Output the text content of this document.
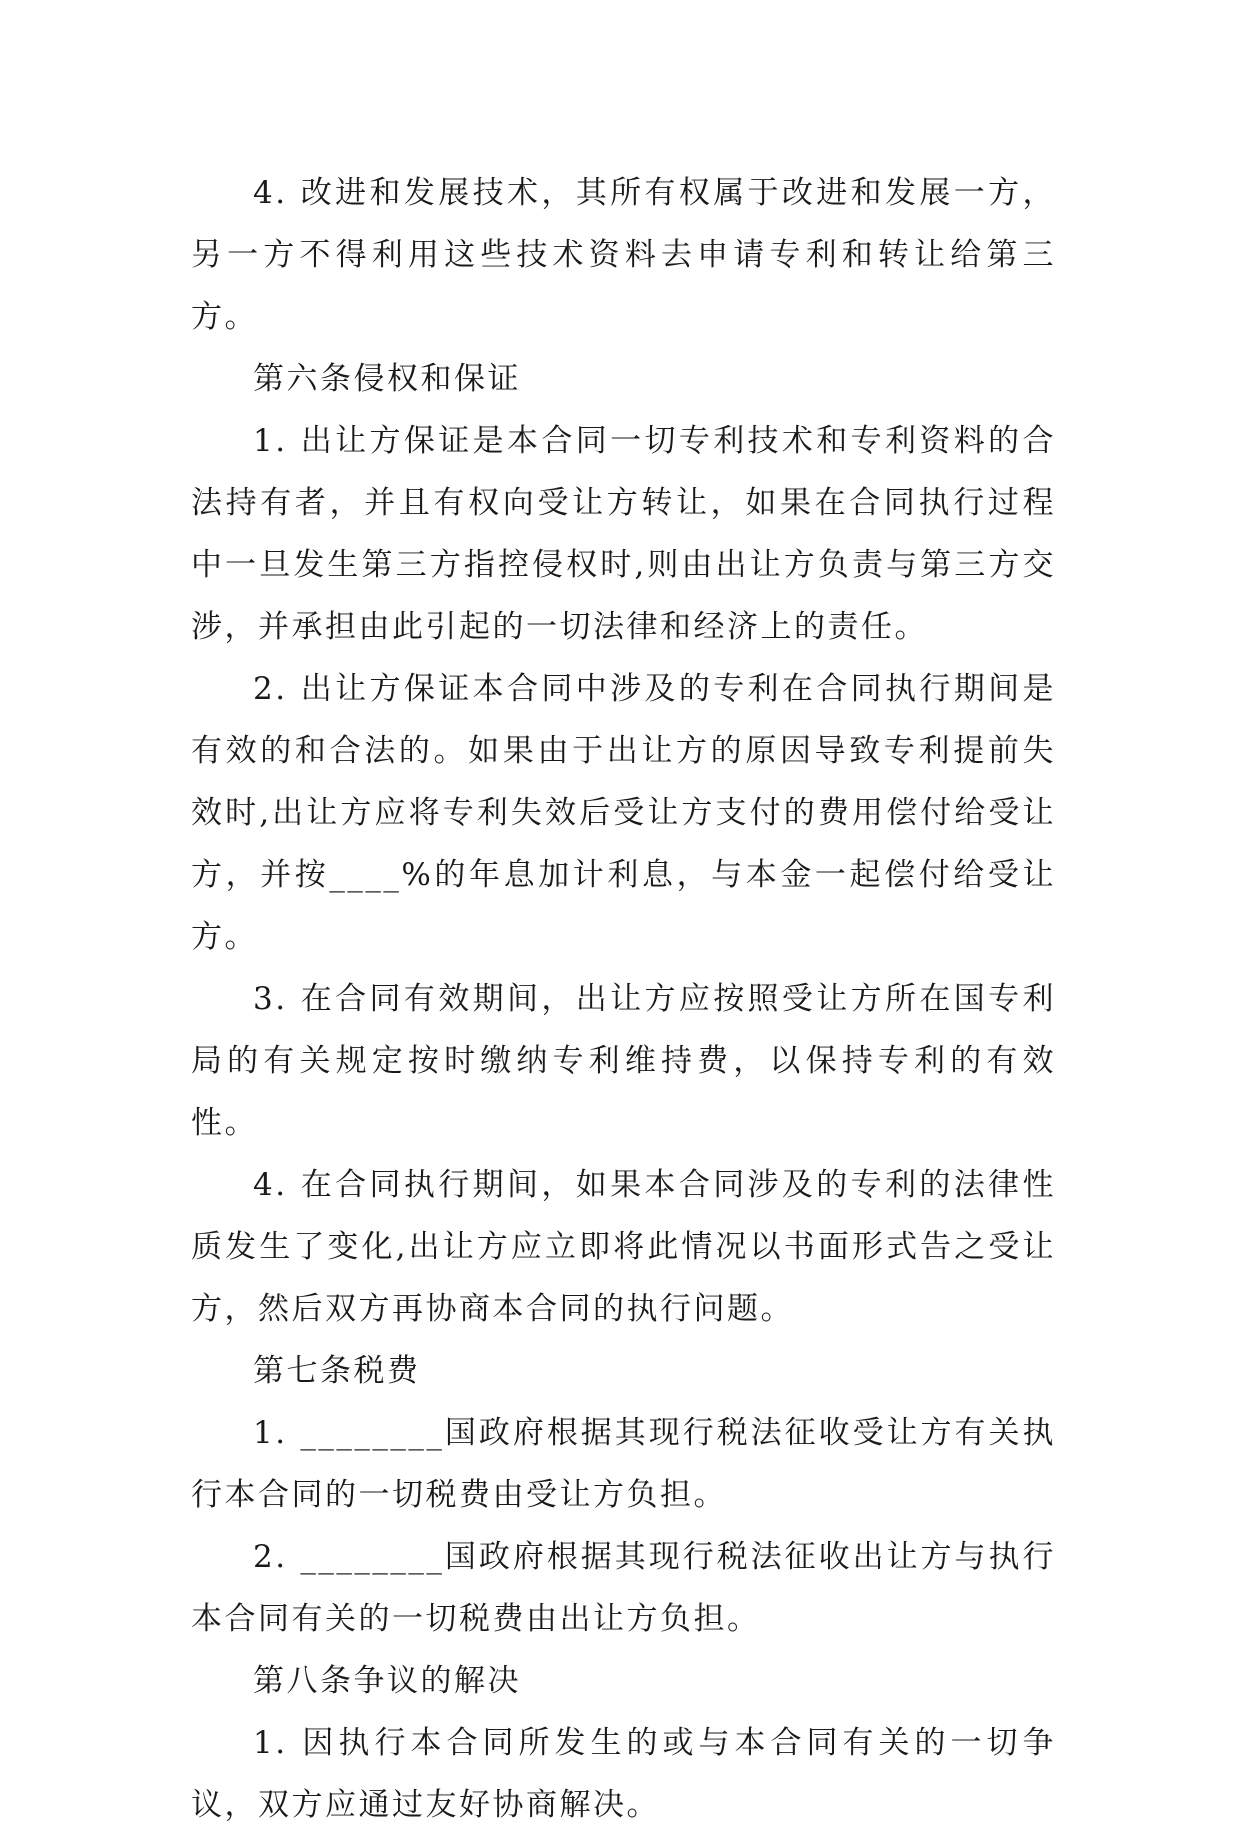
4. 改进和发展技术，其所有权属于改进和发展一方，另一方不得利用这些技术资料去申请专利和转让给第三方。

第六条侵权和保证

1. 出让方保证是本合同一切专利技术和专利资料的合法持有者，并且有权向受让方转让，如果在合同执行过程中一旦发生第三方指控侵权时,则由出让方负责与第三方交涉，并承担由此引起的一切法律和经济上的责任。

2. 出让方保证本合同中涉及的专利在合同执行期间是有效的和合法的。如果由于出让方的原因导致专利提前失效时,出让方应将专利失效后受让方支付的费用偿付给受让方，并按____%的年息加计利息，与本金一起偿付给受让方。

3. 在合同有效期间，出让方应按照受让方所在国专利局的有关规定按时缴纳专利维持费，以保持专利的有效性。

4. 在合同执行期间，如果本合同涉及的专利的法律性质发生了变化,出让方应立即将此情况以书面形式告之受让方，然后双方再协商本合同的执行问题。

第七条税费

1. ________国政府根据其现行税法征收受让方有关执行本合同的一切税费由受让方负担。

2. ________国政府根据其现行税法征收出让方与执行本合同有关的一切税费由出让方负担。

第八条争议的解决

1. 因执行本合同所发生的或与本合同有关的一切争议，双方应通过友好协商解决。
